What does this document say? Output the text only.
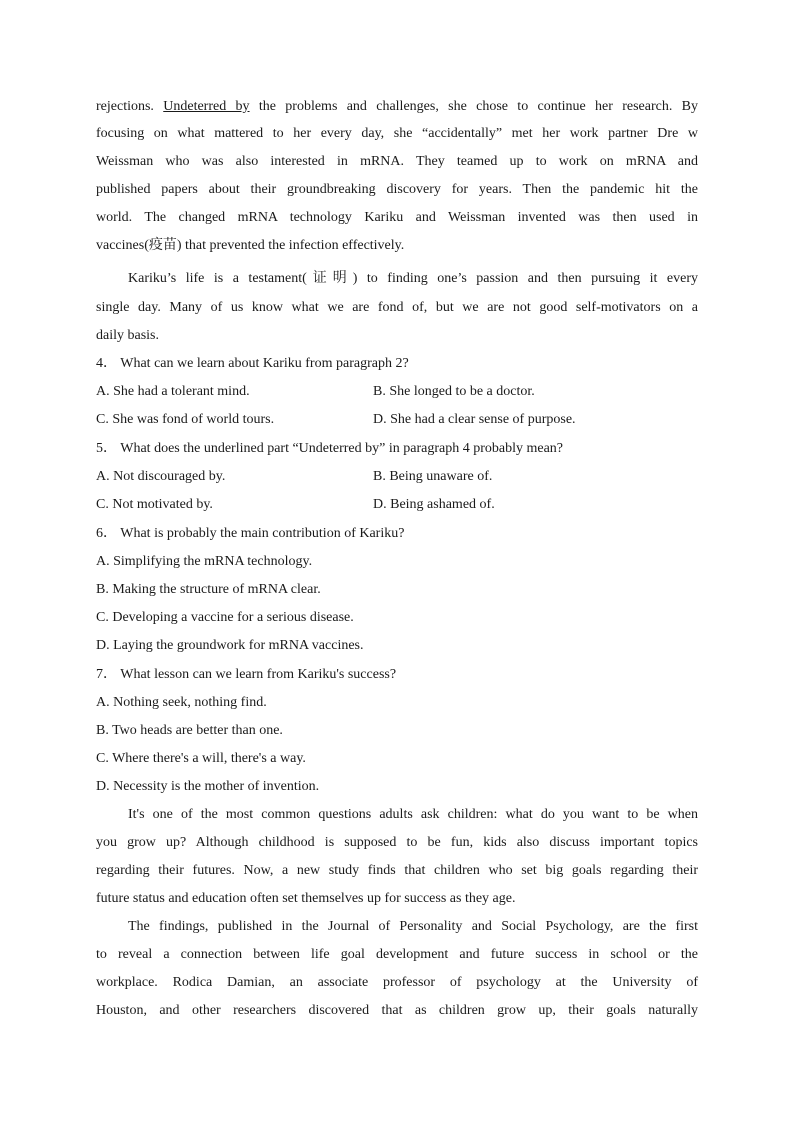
rejections. Undeterred by the problems and challenges, she chose to continue her research. By
focusing on what mattered to her every day, she “accidentally” met her work partner Dre w
Weissman who was also interested in mRNA. They teamed up to work on mRNA and
published papers about their groundbreaking discovery for years. Then the pandemic hit the
world. The changed mRNA technology Kariku and Weissman invented was then used in
vaccines(疫苗) that prevented the infection effectively.
Kariku’s life is a testament(证明) to finding one’s passion and then pursuing it every
single day. Many of us know what we are fond of, but we are not good self-motivators on a
daily basis.
4． What can we learn about Kariku from paragraph 2?
A. She had a tolerant mind.	B. She longed to be a doctor.
C. She was fond of world tours.	D. She had a clear sense of purpose.
5． What does the underlined part “Undeterred by” in paragraph 4 probably mean?
A. Not discouraged by.	B. Being unaware of.
C. Not motivated by.	D. Being ashamed of.
6． What is probably the main contribution of Kariku?
A. Simplifying the mRNA technology.
B. Making the structure of mRNA clear.
C. Developing a vaccine for a serious disease.
D. Laying the groundwork for mRNA vaccines.
7． What lesson can we learn from Kariku's success?
A. Nothing seek, nothing find.
B. Two heads are better than one.
C. Where there's a will, there's a way.
D. Necessity is the mother of invention.
It's one of the most common questions adults ask children: what do you want to be when
you grow up? Although childhood is supposed to be fun, kids also discuss important topics
regarding their futures. Now, a new study finds that children who set big goals regarding their
future status and education often set themselves up for success as they age.
The findings, published in the Journal of Personality and Social Psychology, are the first
to reveal a connection between life goal development and future success in school or the
workplace. Rodica Damian, an associate professor of psychology at the University of
Houston, and other researchers discovered that as children grow up, their goals naturally
